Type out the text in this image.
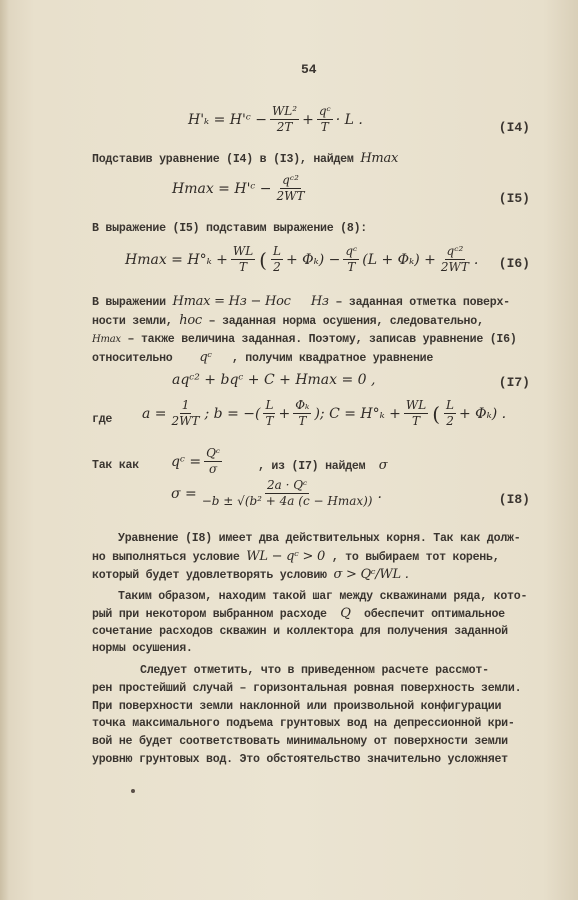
54
H'ₖ = H'ᶜ − $\frac{\text{WL²}}{2T} + \frac{\text{qᶜ}}{T} \cdot L$ .	(I4)
Подставив уравнение (I4) в (I3), найдем Hmax
Hmax = H'ᶜ − $\frac{\text{qᶜ²}}{2WT}$	(I5)
В выражение (I5) подставим выражение (8):
$Hmax = H^\circ_k + \frac{WL}{T}$ ( $\frac{L}{2} + \Phi_k) - \frac{\text{qᶜ}}{T} (L + \Phi_k) + \frac{\text{qᶜ²}}{2WT}$ . (I6)
В выражении Hmax = Hз − Hос Hз – заданная отметка поверх-
ности земли, hос – заданная норма осушения, следовательно,
Hmax – также величина заданная. Поэтому, записав уравнение (I6)
относительно qᶜ , получим квадратное уравнение
aqᶜ² + bqᶜ + C + Hmax = 0 ,	(I7)
где	$a = \frac{1}{2WT}$ ; b = −( $\frac{L}{T} + \frac{\text{Φₖ}}{T}$ ); $C = H^\circ_k + \frac{WL}{T}$ ( $\frac{L}{2} + \Phi_k$) .
Так как	qᶜ = $\frac{\text{Qᶜ}}{\sigma}$	, из (I7) найдем σ
$\sigma = \frac{\text{2a · Qᶜ}}{\text{−b ± √(b² + 4a (c − Hmax))}}$ .	(I8)
Уравнение (I8) имеет два действительных корня. Так как долж-
но выполняться условие WL − qᶜ > 0 , то выбираем тот корень,
который будет удовлетворять условию σ > Qᶜ/WL .
Таким образом, находим такой шаг между скважинами ряда, кото-
рый при некотором выбранном расходе Q обеспечит оптимальное
сочетание расходов скважин и коллектора для получения заданной
нормы осушения.
Следует отметить, что в приведенном расчете рассмот-
рен простейший случай – горизонтальная ровная поверхность земли.
При поверхности земли наклонной или произвольной конфигурации
точка максимального подъема грунтовых вод на депрессионной кри-
вой не будет соответствовать минимальному от поверхности земли
уровню грунтовых вод. Это обстоятельство значительно усложняет
